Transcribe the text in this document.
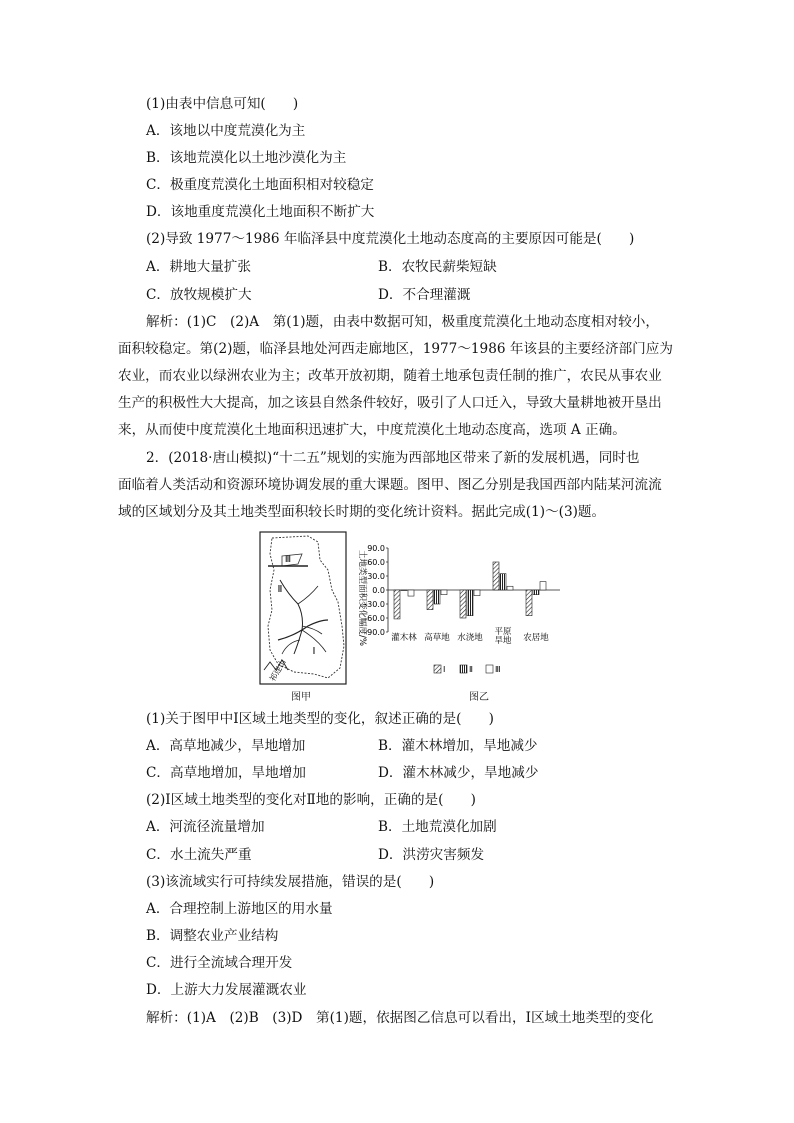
(1)由表中信息可知(　　)
A．该地以中度荒漠化为主
B．该地荒漠化以土地沙漠化为主
C．极重度荒漠化土地面积相对较稳定
D．该地重度荒漠化土地面积不断扩大
(2)导致 1977～1986 年临泽县中度荒漠化土地动态度高的主要原因可能是(　　)
A．耕地大量扩张	B．农牧民薪柴短缺
C．放牧规模扩大	D．不合理灌溉
解析：(1)C　(2)A　第(1)题，由表中数据可知，极重度荒漠化土地动态度相对较小，
面积较稳定。第(2)题，临泽县地处河西走廊地区，1977～1986 年该县的主要经济部门应为
农业，而农业以绿洲农业为主；改革开放初期，随着土地承包责任制的推广，农民从事农业
生产的积极性大大提高，加之该县自然条件较好，吸引了人口迁入，导致大量耕地被开垦出
来，从而使中度荒漠化土地面积迅速扩大，中度荒漠化土地动态度高，选项 A 正确。
2．(2018·唐山模拟)“十二五”规划的实施为西部地区带来了新的发展机遇，同时也
面临着人类活动和资源环境协调发展的重大课题。图甲、图乙分别是我国西部内陆某河流流
域的区域划分及其土地类型面积较长时期的变化统计资料。据此完成(1)～(3)题。
Ⅲ
Ⅱ
Ⅰ
祁连山
图甲
土地类型面积变化幅度/%
90.0
60.0
30.0
0.0
-30.0
-60.0
-90.0
灌木林 高草地 水浇地
平原
旱地 农居地
Ⅰ	Ⅱ	Ⅲ
图乙
(1)关于图甲中Ⅰ区域土地类型的变化，叙述正确的是(　　)
A．高草地减少，旱地增加	B．灌木林增加，旱地减少
C．高草地增加，旱地增加	D．灌木林减少，旱地减少
(2)Ⅰ区域土地类型的变化对Ⅱ地的影响，正确的是(　　)
A．河流径流量增加	B．土地荒漠化加剧
C．水土流失严重	D．洪涝灾害频发
(3)该流域实行可持续发展措施，错误的是(　　)
A．合理控制上游地区的用水量
B．调整农业产业结构
C．进行全流域合理开发
D．上游大力发展灌溉农业
解析：(1)A　(2)B　(3)D　第(1)题，依据图乙信息可以看出，Ⅰ区域土地类型的变化
